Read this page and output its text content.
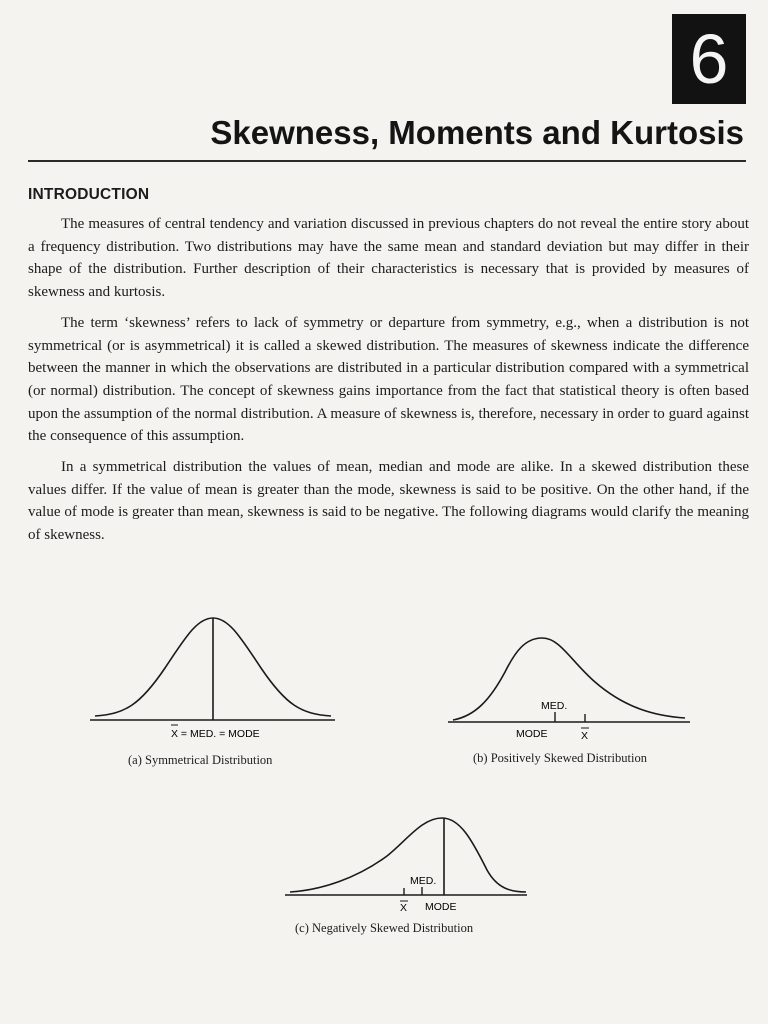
6
Skewness, Moments and Kurtosis
INTRODUCTION

The measures of central tendency and variation discussed in previous chapters do not reveal the entire story about a frequency distribution. Two distributions may have the same mean and standard deviation but may differ in their shape of the distribution. Further description of their characteristics is necessary that is provided by measures of skewness and kurtosis.

The term ‘skewness’ refers to lack of symmetry or departure from symmetry, e.g., when a distribution is not symmetrical (or is asymmetrical) it is called a skewed distribution. The measures of skewness indicate the difference between the manner in which the observations are distributed in a particular distribution compared with a symmetrical (or normal) distribution. The concept of skewness gains importance from the fact that statistical theory is often based upon the assumption of the normal distribution. A measure of skewness is, therefore, necessary in order to guard against the consequence of this assumption.

In a symmetrical distribution the values of mean, median and mode are alike. In a skewed distribution these values differ. If the value of mean is greater than the mode, skewness is said to be positive. On the other hand, if the value of mode is greater than mean, skewness is said to be negative. The following diagrams would clarify the meaning of skewness.

X = MED. = MODE
(a) Symmetrical Distribution
MED.
MODE	X
(b) Positively Skewed Distribution
MED.
X MODE
(c) Negatively Skewed Distribution
